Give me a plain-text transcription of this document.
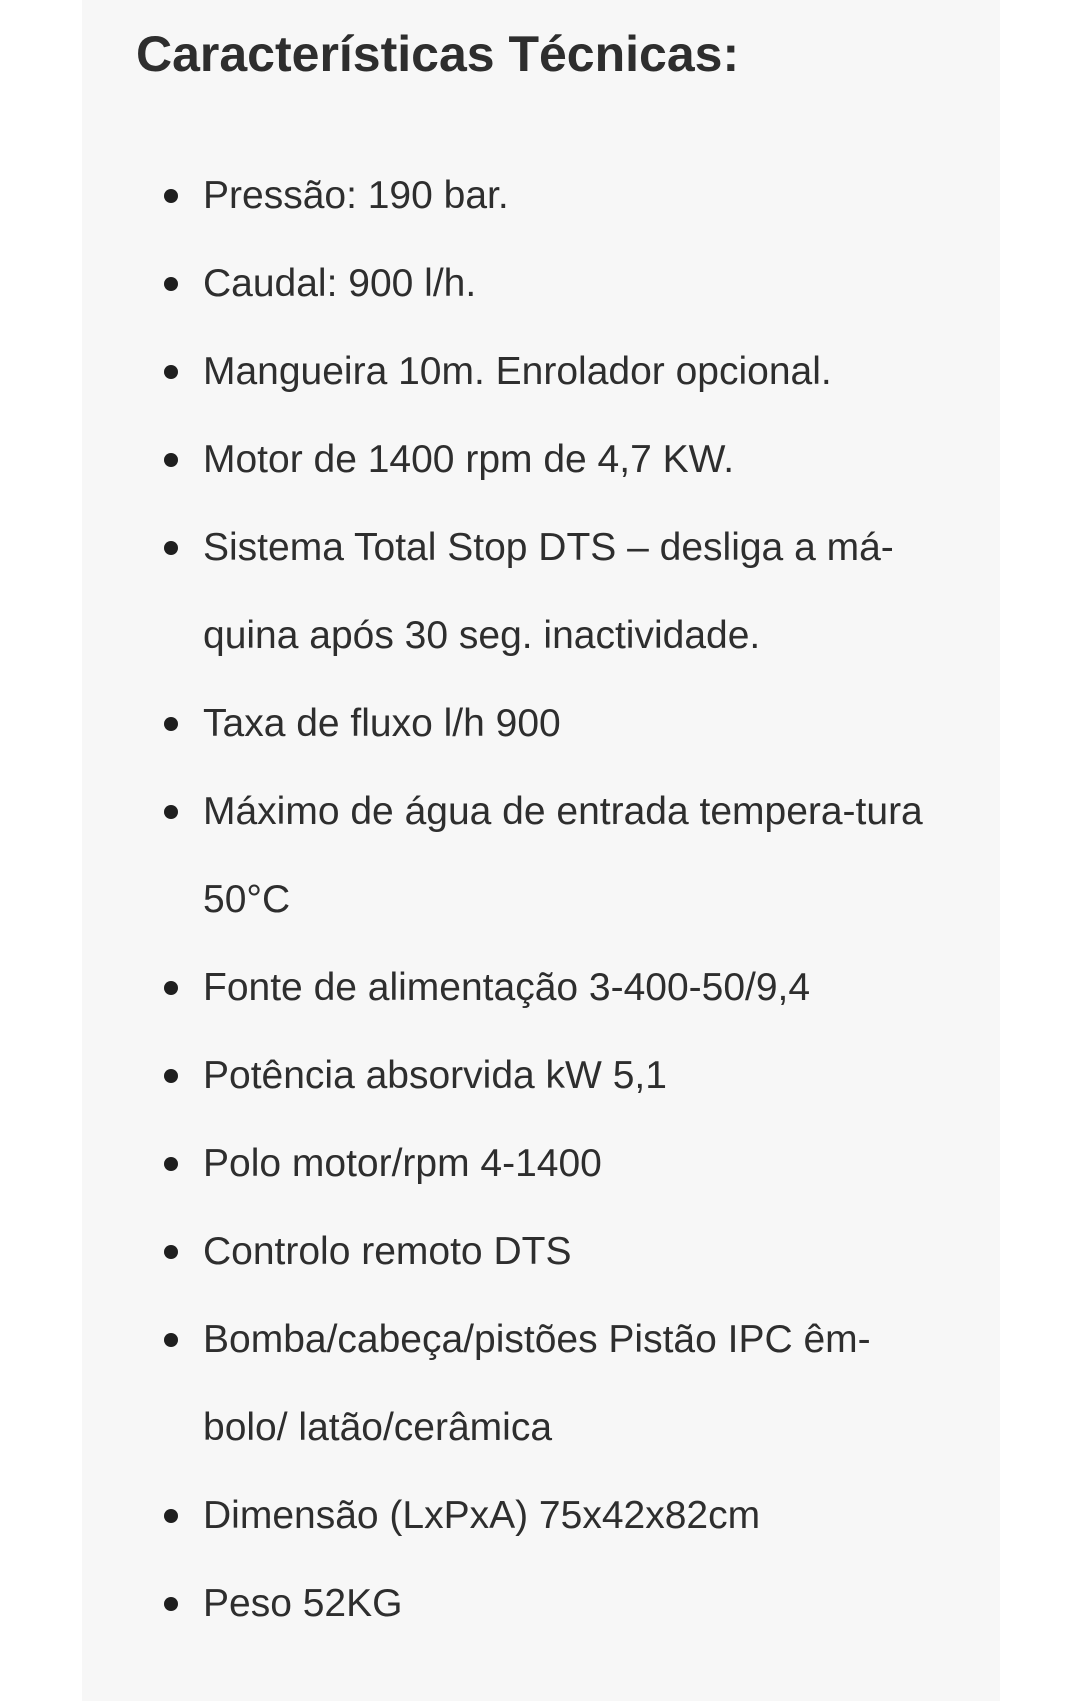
Características Técnicas:
Pressão: 190 bar.
Caudal: 900 l/h.
Mangueira 10m. Enrolador opcional.
Motor de 1400 rpm de 4,7 KW.
Sistema Total Stop DTS – desliga a má-quina após 30 seg. inactividade.
Taxa de fluxo l/h 900
Máximo de água de entrada tempera-tura 50°C
Fonte de alimentação 3-400-50/9,4
Potência absorvida kW 5,1
Polo motor/rpm 4-1400
Controlo remoto DTS
Bomba/cabeça/pistões Pistão IPC êm-bolo/ latão/cerâmica
Dimensão (LxPxA) 75x42x82cm
Peso 52KG
